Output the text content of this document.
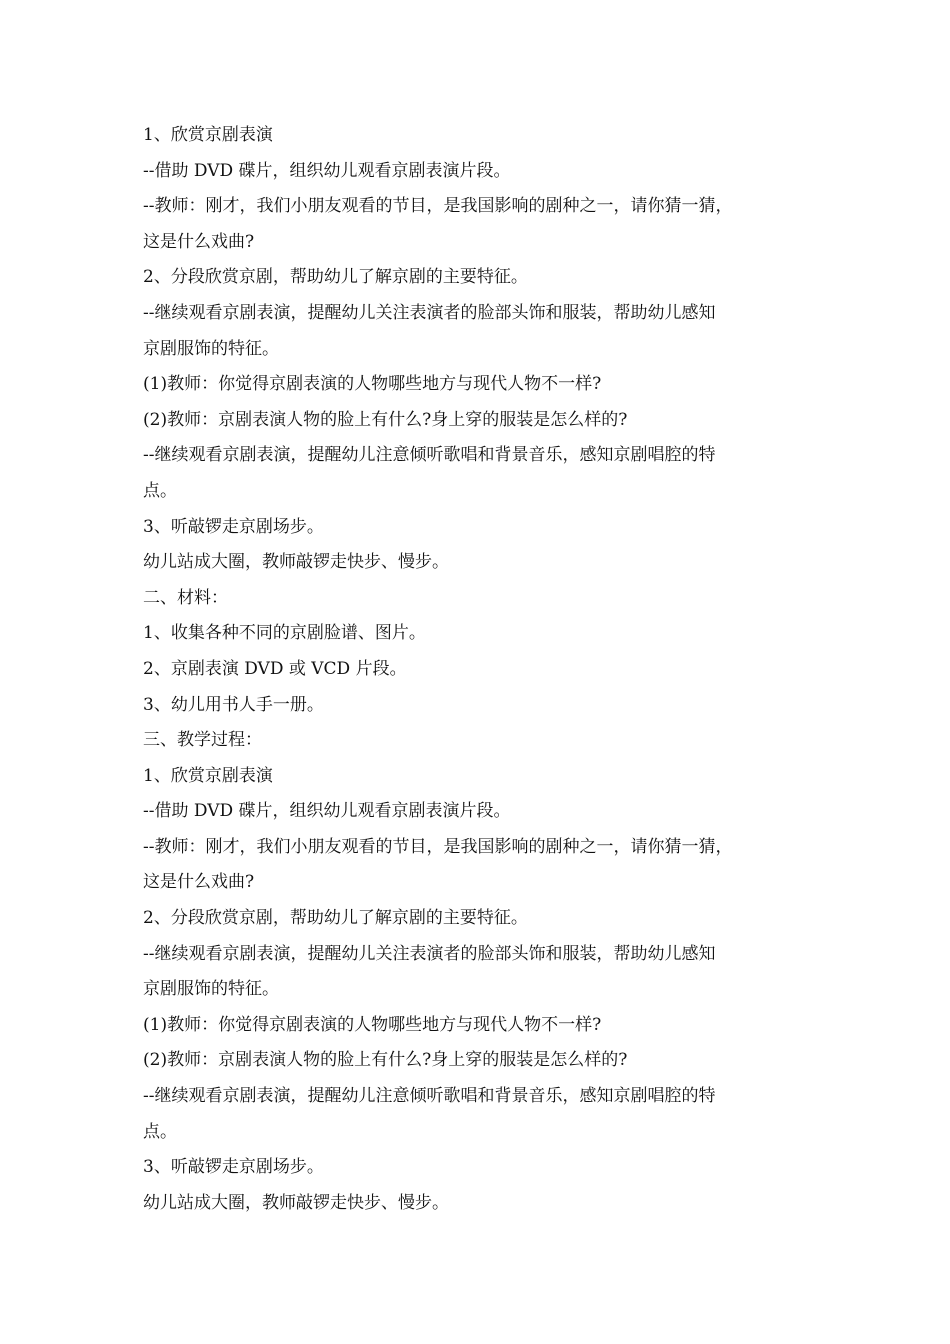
1、欣赏京剧表演

--借助 DVD 碟片，组织幼儿观看京剧表演片段。

--教师：刚才，我们小朋友观看的节目，是我国影响的剧种之一，请你猜一猜，

这是什么戏曲?

2、分段欣赏京剧，帮助幼儿了解京剧的主要特征。

--继续观看京剧表演，提醒幼儿关注表演者的脸部头饰和服装，帮助幼儿感知

京剧服饰的特征。

(1)教师：你觉得京剧表演的人物哪些地方与现代人物不一样?

(2)教师：京剧表演人物的脸上有什么?身上穿的服装是怎么样的?

--继续观看京剧表演，提醒幼儿注意倾听歌唱和背景音乐，感知京剧唱腔的特

点。

3、听敲锣走京剧场步。

幼儿站成大圈，教师敲锣走快步、慢步。

二、材料：

1、收集各种不同的京剧脸谱、图片。

2、京剧表演 DVD 或 VCD 片段。

3、幼儿用书人手一册。

三、教学过程：

1、欣赏京剧表演

--借助 DVD 碟片，组织幼儿观看京剧表演片段。

--教师：刚才，我们小朋友观看的节目，是我国影响的剧种之一，请你猜一猜，

这是什么戏曲?

2、分段欣赏京剧，帮助幼儿了解京剧的主要特征。

--继续观看京剧表演，提醒幼儿关注表演者的脸部头饰和服装，帮助幼儿感知

京剧服饰的特征。

(1)教师：你觉得京剧表演的人物哪些地方与现代人物不一样?

(2)教师：京剧表演人物的脸上有什么?身上穿的服装是怎么样的?

--继续观看京剧表演，提醒幼儿注意倾听歌唱和背景音乐，感知京剧唱腔的特

点。

3、听敲锣走京剧场步。

幼儿站成大圈，教师敲锣走快步、慢步。
